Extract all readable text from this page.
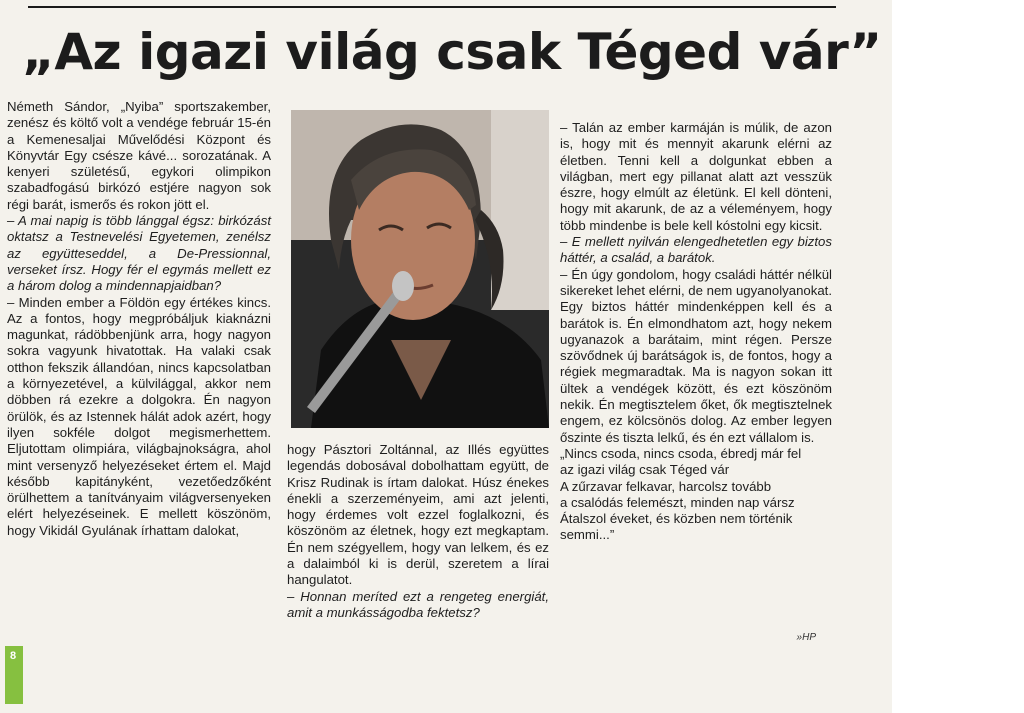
„Az igazi világ csak Téged vár”

Németh Sándor, „Nyiba” sportszakember, zenész és költő volt a vendége február 15-én a Kemenesaljai Művelődési Központ és Könyvtár Egy csésze kávé... sorozatának. A kenyeri születésű, egykori olimpikon szabadfogású birkózó estjére nagyon sok régi barát, ismerős és rokon jött el.

– A mai napig is több lánggal égsz: birkózást oktatsz a Testnevelési Egyetemen, zenélsz az együtteseddel, a De-Pressionnal, verseket írsz. Hogy fér el egymás mellett ez a három dolog a mindennapjaidban?

– Minden ember a Földön egy értékes kincs. Az a fontos, hogy megpróbáljuk kiaknázni magunkat, rádöbbenjünk arra, hogy nagyon sokra vagyunk hivatottak. Ha valaki csak otthon fekszik állandóan, nincs kapcsolatban a környezetével, a külvilággal, akkor nem döbben rá ezekre a dolgokra. Én nagyon örülök, és az Istennek hálát adok azért, hogy ilyen sokféle dolgot megismerhettem. Eljutottam olimpiára, világbajnokságra, ahol mint versenyző helyezéseket értem el. Majd később kapitányként, vezetőedzőként örülhettem a tanítványaim világversenyeken elért helyezéseinek. E mellett köszönöm, hogy Vikidál Gyulának írhattam dalokat,

hogy Pásztori Zoltánnal, az Illés együttes legendás dobosával dobolhattam együtt, de Krisz Rudinak is írtam dalokat. Húsz énekes énekli a szerzeményeim, ami azt jelenti, hogy érdemes volt ezzel foglalkozni, és köszönöm az életnek, hogy ezt megkaptam. Én nem szégyellem, hogy van lelkem, és ez a dalaimból ki is derül, szeretem a lírai hangulatot.

– Honnan meríted ezt a rengeteg energiát, amit a munkásságodba fektetsz?

– Talán az ember karmáján is múlik, de azon is, hogy mit és mennyit akarunk elérni az életben. Tenni kell a dolgunkat ebben a világban, mert egy pillanat alatt azt vesszük észre, hogy elmúlt az életünk. El kell dönteni, hogy mit akarunk, de az a véleményem, hogy több mindenbe is bele kell kóstolni egy kicsit.

– E mellett nyilván elengedhetetlen egy biztos háttér, a család, a barátok.

– Én úgy gondolom, hogy családi háttér nélkül sikereket lehet elérni, de nem ugyanolyanokat. Egy biztos háttér mindenképpen kell és a barátok is. Én elmondhatom azt, hogy nekem ugyanazok a barátaim, mint régen. Persze szövődnek új barátságok is, de fontos, hogy a régiek megmaradtak. Ma is nagyon sokan itt ültek a vendégek között, és ezt köszönöm nekik. Én megtisztelem őket, ők megtisztelnek engem, ez kölcsönös dolog. Az ember legyen őszinte és tiszta lelkű, és én ezt vállalom is.

„Nincs csoda, nincs csoda, ébredj már fel
az igazi világ csak Téged vár
A zűrzavar felkavar, harcolsz tovább
a csalódás felemészt, minden nap vársz
Átalszol éveket, és közben nem történik
semmi...”
»HP
8
